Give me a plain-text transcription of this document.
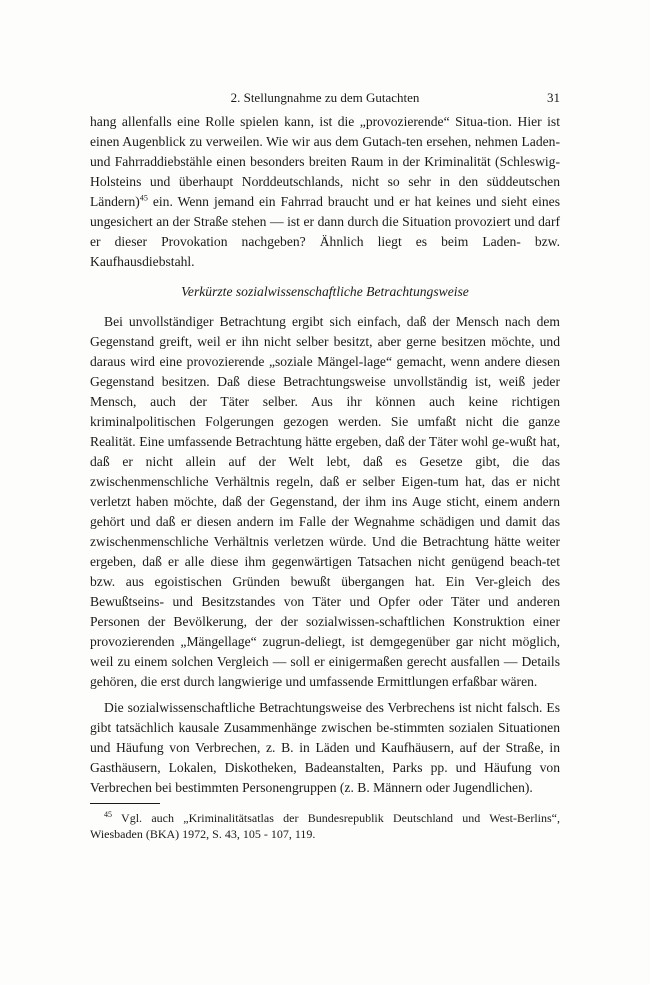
2. Stellungnahme zu dem Gutachten	31

hang allenfalls eine Rolle spielen kann, ist die „provozierende“ Situa-tion. Hier ist einen Augenblick zu verweilen. Wie wir aus dem Gutach-ten ersehen, nehmen Laden- und Fahrraddiebstähle einen besonders breiten Raum in der Kriminalität (Schleswig-Holsteins und überhaupt Norddeutschlands, nicht so sehr in den süddeutschen Ländern)$^{45}$ ein. Wenn jemand ein Fahrrad braucht und er hat keines und sieht eines ungesichert an der Straße stehen — ist er dann durch die Situation provoziert und darf er dieser Provokation nachgeben? Ähnlich liegt es beim Laden- bzw. Kaufhausdiebstahl.

Verkürzte sozialwissenschaftliche Betrachtungsweise

Bei unvollständiger Betrachtung ergibt sich einfach, daß der Mensch nach dem Gegenstand greift, weil er ihn nicht selber besitzt, aber gerne besitzen möchte, und daraus wird eine provozierende „soziale Mängel-lage“ gemacht, wenn andere diesen Gegenstand besitzen. Daß diese Betrachtungsweise unvollständig ist, weiß jeder Mensch, auch der Täter selber. Aus ihr können auch keine richtigen kriminalpolitischen Folgerungen gezogen werden. Sie umfaßt nicht die ganze Realität. Eine umfassende Betrachtung hätte ergeben, daß der Täter wohl ge-wußt hat, daß er nicht allein auf der Welt lebt, daß es Gesetze gibt, die das zwischenmenschliche Verhältnis regeln, daß er selber Eigen-tum hat, das er nicht verletzt haben möchte, daß der Gegenstand, der ihm ins Auge sticht, einem andern gehört und daß er diesen andern im Falle der Wegnahme schädigen und damit das zwischenmenschliche Verhältnis verletzen würde. Und die Betrachtung hätte weiter ergeben, daß er alle diese ihm gegenwärtigen Tatsachen nicht genügend beach-tet bzw. aus egoistischen Gründen bewußt übergangen hat. Ein Ver-gleich des Bewußtseins- und Besitzstandes von Täter und Opfer oder Täter und anderen Personen der Bevölkerung, der der sozialwissen-schaftlichen Konstruktion einer provozierenden „Mängellage“ zugrun-deliegt, ist demgegenüber gar nicht möglich, weil zu einem solchen Vergleich — soll er einigermaßen gerecht ausfallen — Details gehören, die erst durch langwierige und umfassende Ermittlungen erfaßbar wären.

Die sozialwissenschaftliche Betrachtungsweise des Verbrechens ist nicht falsch. Es gibt tatsächlich kausale Zusammenhänge zwischen be-stimmten sozialen Situationen und Häufung von Verbrechen, z. B. in Läden und Kaufhäusern, auf der Straße, in Gasthäusern, Lokalen, Diskotheken, Badeanstalten, Parks pp. und Häufung von Verbrechen bei bestimmten Personengruppen (z. B. Männern oder Jugendlichen).

$^{45}$ Vgl. auch „Kriminalitätsatlas der Bundesrepublik Deutschland und West-Berlins“, Wiesbaden (BKA) 1972, S. 43, 105 - 107, 119.
